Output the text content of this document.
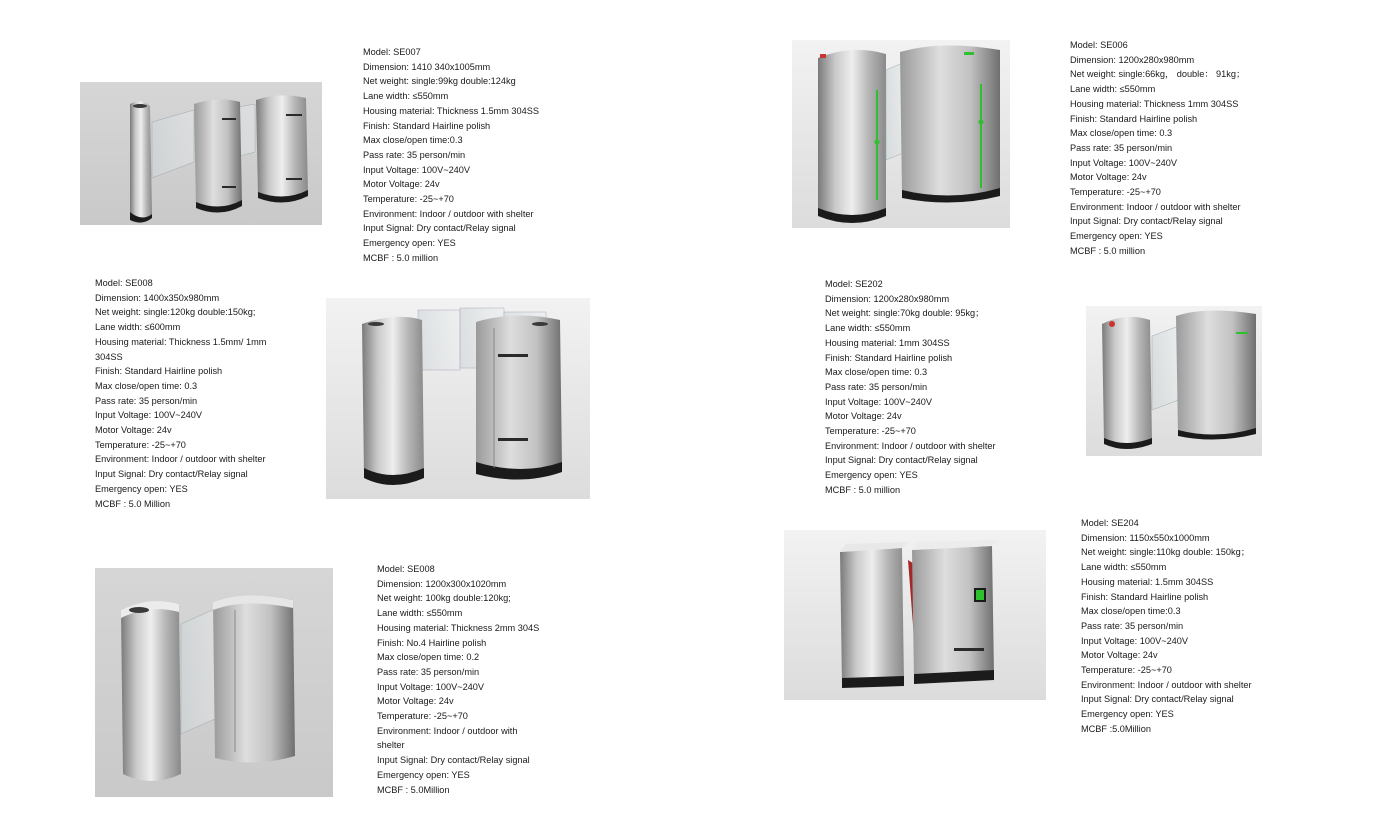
Model: SE007
Dimension: 1410 340x1005mm
Net weight: single:99kg double:124kg
Lane width: ≤550mm
Housing material: Thickness 1.5mm 304SS
Finish: Standard Hairline polish
Max close/open time:0.3
Pass rate: 35 person/min
Input Voltage: 100V~240V
Motor Voltage: 24v
Temperature: -25~+70
Environment: Indoor / outdoor with shelter
Input Signal: Dry contact/Relay signal
Emergency open: YES
MCBF : 5.0 million
Model: SE006
Dimension: 1200x280x980mm
Net weight: single:66kg， double： 91kg；
Lane width: ≤550mm
Housing material: Thickness 1mm 304SS
Finish: Standard Hairline polish
Max close/open time: 0.3
Pass rate: 35 person/min
Input Voltage: 100V~240V
Motor Voltage: 24v
Temperature: -25~+70
Environment: Indoor / outdoor with shelter
Input Signal: Dry contact/Relay signal
Emergency open: YES
MCBF : 5.0 million
Model: SE008
Dimension: 1400x350x980mm
Net weight: single:120kg double:150kg;
Lane width: ≤600mm
Housing material: Thickness 1.5mm/ 1mm
304SS
Finish: Standard Hairline polish
Max close/open time: 0.3
Pass rate: 35 person/min
Input Voltage: 100V~240V
Motor Voltage: 24v
Temperature: -25~+70
Environment: Indoor / outdoor with shelter
Input Signal: Dry contact/Relay signal
Emergency open: YES
MCBF : 5.0 Million
Model: SE202
Dimension: 1200x280x980mm
Net weight: single:70kg double: 95kg；
Lane width: ≤550mm
Housing material: 1mm 304SS
Finish: Standard Hairline polish
Max close/open time: 0.3
Pass rate: 35 person/min
Input Voltage: 100V~240V
Motor Voltage: 24v
Temperature: -25~+70
Environment: Indoor / outdoor with shelter
Input Signal: Dry contact/Relay signal
Emergency open: YES
MCBF : 5.0 million
Model: SE008
Dimension: 1200x300x1020mm
Net weight: 100kg double:120kg;
Lane width: ≤550mm
Housing material: Thickness 2mm 304S
Finish: No.4 Hairline polish
Max close/open time: 0.2
Pass rate: 35 person/min
Input Voltage: 100V~240V
Motor Voltage: 24v
Temperature: -25~+70
Environment: Indoor / outdoor with
shelter
Input Signal: Dry contact/Relay signal
Emergency open: YES
MCBF : 5.0Million
Model: SE204
Dimension: 1150x550x1000mm
Net weight: single:110kg double: 150kg；
Lane width: ≤550mm
Housing material: 1.5mm 304SS
Finish: Standard Hairline polish
Max close/open time:0.3
Pass rate: 35 person/min
Input Voltage: 100V~240V
Motor Voltage: 24v
Temperature: -25~+70
Environment: Indoor / outdoor with shelter
Input Signal: Dry contact/Relay signal
Emergency open: YES
MCBF :5.0Million
